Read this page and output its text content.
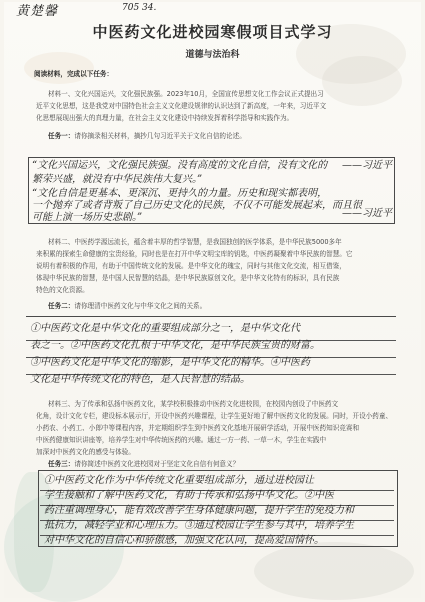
黄楚馨	705 34.
中医药文化进校园寒假项目式学习
道德与法治科
阅读材料，完成以下任务：
材料一、文化兴国运兴，文化强民族强。2023年10月，全国宣传思想文化工作会议正式提出习
近平文化思想，这是我党对中国特色社会主义文化建设规律的认识达到了新高度，一年来，习近平文
化思想展现出强大的真理力量，在社会主义文化建设中持续发挥着科学指导和实践作为。
任务一：请你摘录相关材料，摘抄几句习近平关于文化自信的论述。
“文化兴国运兴，文化强民族强。没有高度的文化自信，没有文化的
繁荣兴盛，就没有中华民族伟大复兴。”
——习近平
“文化自信是更基本、更深沉、更持久的力量。历史和现实都表明，
一个抛弃了或者背叛了自己历史文化的民族，不仅不可能发展起来，而且很
可能上演一场历史悲剧。”	——习近平
材料二、中医药学源远流长，蕴含着丰厚的哲学智慧，是我国独创的医学体系，是中华民族5000多年
来积累的探索生命健康的宝贵经验，同时也是在打开中华文明宝库的钥匙，中医药凝聚着中华民族的智慧。它
说明有着积极的作用，有助于中国传统文化的发展。是中华文化的瑰宝，同时与其他文化交流，相互借鉴，
体现中华民族的智慧，是中国人民智慧的结晶，是中华民族原创文化，是中华文化特有的标识，具有民族
特色的文化资源。
任务二：请你理清中医药文化与中华文化之间的关系。
①中医药文化是中华文化的重要组成部分之一，是中华文化代
表之一。②中医药文化扎根于中华文化，是中华民族宝贵的财富。
③中医药文化是中华文化的缩影，是中华文化的精华。④中医药
文化是中华传统文化的特色，是人民智慧的结晶。
材料三、为了传承和弘扬中医药文化，某学校积极推动中医药文化进校园，在校园内创设了中医药文
化角，设计文化专栏，建设标本展示厅，开设中医药兴趣课程，让学生更好地了解中医药文化的发展。同时，开设小药童、
小药农、小药工、小郎中等课程内容，并定期组织学生到中医药文化基地开展研学活动，开展中医药知识竞赛和
中医药健康知识讲座等，培养学生对中华传统医药的兴趣。通过一方一药、一草一木，学生在实践中
加深对中医药文化的感受与体验。
任务三：请你简述中医药文化进校园对于坚定文化自信有何意义？
①中医药文化作为中华传统文化重要组成部分，通过进校园让
学生接触和了解中医药文化，有助于传承和弘扬中华文化。②中医
药注重调理身心，能有效改善学生身体健康问题，提升学生的免疫力和
抵抗力，减轻学业和心理压力。③通过校园让学生参与其中，培养学生
对中华文化的自信心和骄傲感，加强文化认同，提高爱国情怀。
